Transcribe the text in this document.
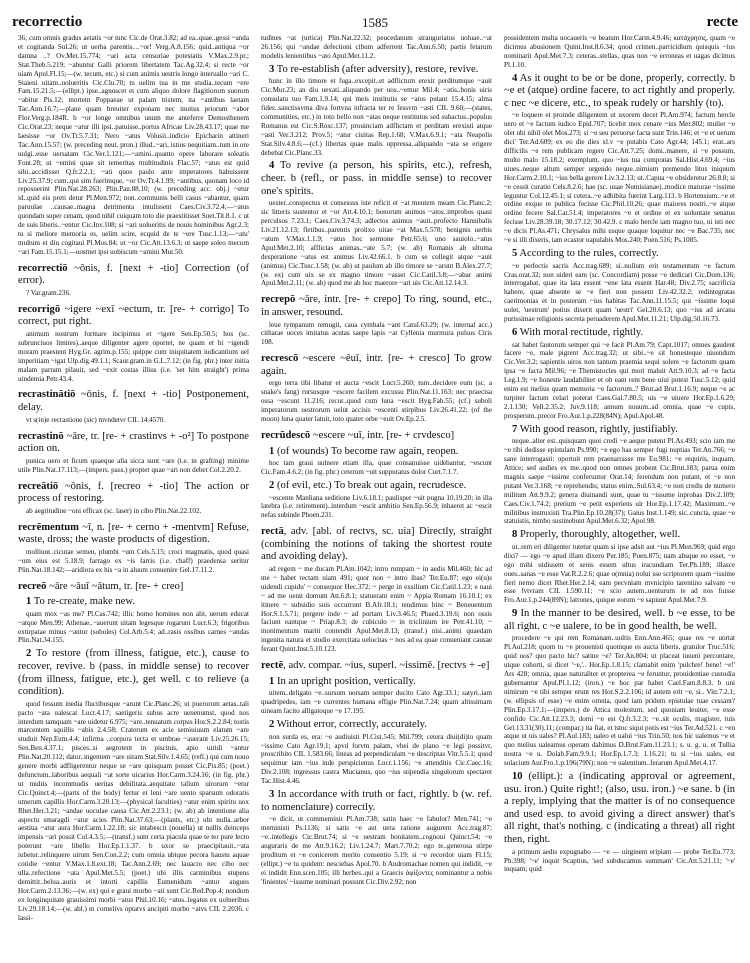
recorrectio	1585	recte

36; cum omnis gradus aetatis ~or tunc Cic.de Orat.3.82; ad ea..quae..gessi ~anda et cogitanda Sul.26; ut uerba parentis…~or! Verg.A.8.156; quid..antiqua ~or damna ..? Ov.Met.15.774; ~ari acta censoriae potestatis V.Max.2.9.pr.; Stat.Theb.5.219; ~abuntur Galli priorem libertatem Tac.Ag.32.4; si recte ~or uiam Apul.Fl.15;—(w. tecum, etc.) si cum animis uestris longo interuallo ~ari C. Staieni uitam..uolueritis Cic.Clu.70; tu uelim tua in me studia..tecum ~ere Fam.15.21.5;—(ellipt.) ipse..agnoscet et cum aliquo dolore flagitiorum suorum ~abitur Pis.12; mortem Poppaeae ut palam tristem, ita ~antibus laetam Tac.Ann.16.7;—plane quam breuiter exponam nec inuitus priorum ~abor Flor.Verg.p.184R. b ~or longe omnibus unum me anteferre Demosthenem Cic.Orat.23; neque ~atur illi ipsi..patuisse..portus Africae Liv.28.43.17; quae me laesisse ~or Ov.Tr.5.7.31; Nero ~atus Volusii..indicio Epicharin attineri Tac.Ann.15.57; (w. preceding neut. pron.) illud..~ari, istius nequitiam..tum in ore uulgi..esse uersatam Cic.Ver.1.121;—~amini..quanto opere laborare soleatis Font.28; ut ~emini quae sit temeritas multitudinis Flac.57; ~atus est quid sibi..accidisset Q.fr.2.2.1; ~ati quos paulo ante imperatores habuissent Liv.25.37.9; cum..qui sim fuerimque, ~or Ov.Tr.4.1.99; ~antibus, quonam loco id reposuerint Plin.Nat.28.263; Plin.Pan.88.10; (w. preceding acc. obj.) ~etur id..quid eis preti detur Pl.Men.972; non..communis belli casus ~abantur, quam paruulae ..causae..magna detrimenta intulissent Caes.Civ.3.72.4;—~atus quondam super cenam, quod nihil cuiquam toto die praestitisset Suet.Tit.8.1. c ut de suis liberis..~entur Cic.Inv.108; si ~ari uolueritis de nouis hominibus Agr.2.3; tu si meliore memoria es, uelim scire, ecquid de te ~ere Tusc.1.13;—~atu' multum et diu cogitaui Pl.Mos.84; ut ~or Cic.Att.13.6.3; ut saepe soleo mecum ~ari Fam.15.15.1;—uosmet ipsi uobiscum ~amini Mur.50.

recorrectiō ~ōnis, f. [next + -tio] Correction (of error).

? Var.gram.236.

recorrigō ~igere ~exī ~ectum, tr. [re- + corrigo] To correct, put right.

animum nostrum formare incipimus et ~igere Sen.Ep.50.5; hos (sc. subrunciuos limites)..aeque diligenter agere oportet, ne quam et hi ~igendi moram praestent Hyg.Gr. agrim.p.155; quippe cum iniquitatem iudicantium uel imperitiam ~igat Ulp.dig.49.1.1; Scaur.gram.in G.L.7.12; (in fig. phr.) inter initia malam parram pilauit, sed ~exit costas illius (i.e. 'set him straight') prima uindemia Petr.43.4.

recrastinātiō ~ōnis, f. [next + -tio] Postponement, delay.

vt s(in)e recrastione (sic) mvndetvr CIL 14.4570.

recrastinō ~āre, tr. [re- + crastinvs + -o²] To postpone action on.

punica uero et ficum quaeque alia sicca sunt ~are (i.e. in grafting) minime utile Plin.Nat.17.113;—(impers. pass.) propter quae ~ari non debet Col.2.20.2.

recreātiō ~ōnis, f. [recreo + -tio] The action or process of restoring.

ab aegritudine ~oni efficax (sc. laser) in cibo Plin.Nat.22.102.

recrēmentum ~ī, n. [re- + cerno + -mentvm] Refuse, waste, dross; the waste products of digestion.

molliunt..cicutae semen, plumbi ~um Cels.5.15; croci magmatis, quod quasi ~um eius est 5.18.9; farrago ex ~is farris (i.e. chaff) praedensa seritur Plin.Nat.18.142;—aridiora ex his ~a in aluum conuenire Gel.17.11.2.

recreō ~āre ~āuī ~ātum, tr. [re- + creo]

1 To re-create, make new.

quam mox ~as me? Pl.Cas.742; illic homo homines non alit, uerum educat ~atque Men.99; Athenae..~auerunt uitam legesque rogarunt Lucr.6.3; frigoribus extirpatae minus ~antur (soboles) Col.Arb.5.4; ad..rasis ossibus carnes ~andas Plin.Nat.34.155.

2 To restore (from illness, fatigue, etc.), cause to recover, revive. b (pass. in middle sense) to recover (from illness, fatigue, etc.), get well. c to relieve (a condition).

quod fessum inedia fluctibusque ~arunt Cic.Planc.26; ut puerorum aetas..tali pacto ~ata ualescat Lucr.4.17; saetigeris subus acre uenenumst, quod nos interdum tamquam ~are uidetur 6.975; ~are..tenuatum corpus Hor.S.2.2.84; tostis marcentem squillis ~abis 2.4.58; Craterum ex acie semiuiuum elatum ~are studuit Nep.Eum.4.4; infirma ..corpora tecta et umbrae ~auerant Liv.25.26.15; Sen.Ben.4.37.1; pisces..si aegrotent in piscinis, apio uiridi ~antur Plin.Nat.20.112; datur..ingentem ~are uiram Stat.Silv.1.4.65; (refl.) qui cum nouo genere morbi adfligerentur neque se ~are quisquam posset Cic.Pis.85; (poet.) defunctum..laboribus aequali ~at sorte uicarius Hor.Carm.3.24.16; (in fig. phr.) ut multis incommodis ueritas debilitata..aequitate talium uirorum ~etur Cic.Quinct.4;—(parts of the body) fertur et leni ~are uento sparsum odoratis umerum capillis Hor.Carm.3.20.13;—(physical faculties) ~atur enim spiritu uox Rhet.Her.3.21; ~andae uoculae causa Cic.Att.2.23.1; (w. ab) ab intentione alia aspectu smaragdi ~atur acies Plin.Nat.37.63;—(plants, etc.) ubi nulla..arbor aestiua ~atur aura Hor.Carm.1.22.18; sic intabescit (nouella) ut nullis deinceps impensis ~ari possit Col.4.3.5;—(transf.) sunt certa piacula quae te ter pure lecto poterunt ~are libello Hor.Ep.1.1.37. b uxor se praecipitauit..~ata iubetur..relinquere uirum Sen.Con.2.2; cum omnia ubique pecora haustu aquae cotidie ~entur V.Max.1.8.ext.18; Tac.Ann.2.69; nec lauacro nec cibo nec ulla..refectione ~ata Apul.Met.5.5; (poet.) ubi illis carminibus stupens demittit..belua..auris et intorti capillis Eumenidum ~antur angues Hor.Carm.2.13.36;—(w. ex) qui e graui morbo ~ati sunt Cic.Red.Pop.4; nondum ex longinquitate grauissimi morbi ~atus Phil.10.16; ~atus..legatus ex uolneribus Liv.29.18.14;—(w. abl.) m cornelivs optatvs ancipiti morbo ~atvs CIL 2.2036. c lassi-

tudines ~at (urtica) Plin.Nat.22.32; peucedanum stranguriatus uoluae..~at 26.156; qui ~andae defectioni cibum adferrent Tac.Ann.6.50; partis fetarum modelis lenientibus ~ato Apul.Met.11.2.

3 To re-establish (after adversity), restore, revive.

hunc in illo timore et fuga..excepit..et adflictum erexit perditumque ~auit Cic.Mur.23; an diu uexati..aliquando per uos..~emur Mil.4; ~atis..bonis uiris consulatu tuo Fam.1.9.14; qui meis institutis se ~atos putant 15.4.15; alma fides..sanctissvma diva fortvna infracta ter re fessvm ~asti CIL 9.60;—(states, communities, etc.) in toto bello non ~atas neque restitutus sed subactus..populus Romanus est Cic.S.Rosc.137; prouinciam adflictam et perditam erexisti atque ~asti Ver.3.212; Prov.5; ~atur ciuitas Rep.1.68; V.Max.6.9.1; ~ata Neapolis Stat.Silv.4.8.6;—(cf.) libertas quae malis oppressa..aliquando ~ata se erigere debebat Cic.Planc.33.

4 To revive (a person, his spirits, etc.), refresh, cheer. b (refl., or pass. in middle sense) to recover one's spirits.

uester..conspectus et consessus iste reficit et ~at mentem meam Cic.Planc.2; sic litteris sustentor et ~or Att.4.10.1; bonorum animos ~atos..improbos quasi perculsos 7.23.1; Caes.Civ.3.74.3; adlectos animos ~auit..profecto Hannibalis Liv.21.12.13; fletibus..parentis prolixo uitae ~at Max.5.578; benignis uerbis ~atum V.Max.1.1.9; ~atus hoc sermone Petr.65.6; uno sauiolo..~atus Apul.Met.2.10; afflictas animas..~ate 5.7; (w. ab) Romanis ab ultuma desperatione ~atus est animus Liv.42.66.1. b cum se collegit atque ~auit (animus) Cic.Tusc.1.58; (w. ab) ut paulum ab illo timore se ~arunt B.Alex.27.7; (w. ex) cum uix se ex magno timore ~asset Cic.Catil.3.8;—~abar animi Apul.Met.2.11; (w. ab) quod me ab hoc maerore ~ari uis Cic.Att.12.14.3.

recrepō ~āre, intr. [re- + crepo] To ring, sound, etc., in answer, resound.

leue tympanum remugit, caua cymbala ~ant Catul.63.29; (w. internal acc.) citharae uoces imitatus acutas saepe lapis ~at Cyllenia murmura pulsus Ciris 108.

recrescō ~escere ~ēuī, intr. [re- + cresco] To grow again.

ergo terra tibi libatur et aucta ~escit Lucr.5.260; tum..decidere eum (sc. a snake's fang) rursusque ~escere facilem excussu Plin.Nat.11.163; nec praecisa ossa ~escunt 11.216; recur..quod cum luna ~escit Hyg.Fab.55; (cf.) suboli imperatorum uestrorum uelut accisis ~escenti stirpibus Liv.26.41.22; (of the moon) luna quater latuit, toto quater orbe ~euit Ov.Ep.2.5.

recrūdescō ~escere ~uī, intr. [re- + crvdesco]

1 (of wounds) To become raw again, reopen.

hoc tam graui uulnere etiam illa, quae consanuisse uidebantur, ~escunt Cic.Fam.4.6.2; (in fig. phr.) ceterum ~uit suppuratus dolor Curt.7.1.7.

2 (of evil, etc.) To break out again, recrudesce.

~escente Manliana seditione Liv.6.18.1; paulisper ~uit pugna 10.19.20; in illa latebra (i.e. retirement)..interdum ~escit ambitio Sen.Ep.56.9; inhaeret ac ~escit nefas subinde Phoen.231.

rectā, adv. [abl. of rectvs, sc. uia] Directly, straight (combining the notions of taking the shortest route and avoiding delay).

ad regem ~ me ducam Pl.Am.1042; intro rumpam ~ in aedis Mil.460; hic ad me ~ habet rectam uiam 491; quor non ~ intro ibas? Ter.Eu.87; ego ei(u)s uidendi cupidu' ~ consequor Hec.372; ~ perge in exsilium Cic.Catil.1.23; e naui ~ ad me uenit domum Att.6.8.1; statueram enim ~ Appia Romam 16.10.1; ex itinere ~ subsidio suis occurrunt B.Afr.18.1; tendimus hinc ~ Beneuentum Hor.S.1.5.71; pergere inde ~ ad portam Liv.3.46.5; Phaed.3.19.6; non ossis faciunt eantque ~ Priap.8.3; de cubiculo ~ in triclinium ire Petr.41.10; ~ monimentum mariti contendit Apul.Met.8.13; (transf.) nisi..animi quaedam ingenita natura et studio exercitata uelocitas ~ nos ad ea quae conueniant causae ferant Quint.Inst.5.10.123.

rectē, adv. compar. ~ius, superl. ~issimē. [rectvs + -e]

1 In an upright position, vertically.

uitem..deligato ~e..sursum uorsam semper ducito Cato Agr.33.1; satyri..iam quadripedes, iam ~e currentes humana effigie Plin.Nat.7.24; quam altissimam uineam facito alligatoque ~e 17.195.

2 Without error, correctly, accurately.

non surda es, era: ~e audiuisti Pl.Cist.545; Mil.799; cetera diui(di)to quam ~issime Cato Agr.19.1; apvd forvm palam, vbei de plano ~e legi possitvr, proscribito CIL 1.583.66; lineas ad perpendiculam ~e descriptas Vitr.5.5.1; quod sequimur iam ~ius inde perspicienus Lucr.1.156; ~e attenditis Cic.Caec.16; Div.2.108; ingressus castra Mucianus, quo ~ius stipendia singulorum spectaret Tac.Hist.4.46.

3 In accordance with truth or fact, rightly. b (w. ref. to nomenclature) correctly.

~e dicit, ut commeminit Pl.Am.738; satin haec ~e fabulor? Men.741; ~e meministi Ps.1136; si satis ~e aut uera ratione augurem Acc.trag.87; ~e..intellegis Cic.Brut.74; si ~e uestram bonitatem..cognoui Quinct.54; ~e auguraris de me Att.9.16.2; Liv.1.24.7; Mart.7.70.2; ego te..generosa stirpe proditum et ~e conicerem merito consentio 5.19; si ~e recordor uiam Fl.15; (ellipt.) ~e tu quidem: nesciebas Apol.70. b Andromachae nomen qui indidit, ~e ei indidit Enn.scen.105; illi herbes..qui a Graecis ἀφίζοντες nominantur a nobis 'finientes' ~issume nominari possunt Cic.Div.2.92; non

possidentem multa uocaueris ~e beatum Hor.Carm.4.9.46; κατάχρησις, quam ~e dicimus abusionem Quint.Inst.8.6.34; quod crimen..parricidium quisquis ~ius nominarit Apul.Met.7.3; ceteras..stellas, quas non ~e erroneas et uagas dicimus Pl.1.10.

4 As it ought to be or be done, properly, correctly. b ~e et (atque) ordine facere, to act rightly and properly. c nec ~e dicere, etc., to speak rudely or harshly (to).

~e loquere et proinde diligentem ut uxorem decet Pl.Am.974; factum hercle uero et ~e factum iudico Epid.707; licebit mox cenare ~ius Mer.802; mulier ~e olet ubi nihil olet Mos.273; si ~e seu peruorse facta sunt Trin.146; et ~e et uerum dici' Ter.Ad.609; ex eo die dies xl.v ~e putabis Cato Agr.44; 145.1; erat..ars difficilis ~e rem publicam regere Cic.Att.7.25; domi..manere, si ~e possum, multo malo 15.18.2; exemplum, quo ~ius tua componas Sal.Hist.4.69.4; ~ius uiues..neque altum semper urgendo neque..nimium premendo litus iniquum Hor.Carm.2.10.1; ~ius bella gerere Liv.3.2.13; ut..Capua ~e obsideretur 26.8.8; si ~e cessit curatio Cels.8.2.6; hae (sc. uuae Numisianae)..modice maturae ~issime leguntur Col.12.45.1; si cetera..~e adhibita fuerint Larg.113. b Hortensium..~e et ordine exque re publica fecisse Cic.Phil.10.26; quae maiores nostri..~e atque ordine fecere Sal.Cat.51.4; imperatores ~e et ordine et ex uoluntate senatus fecisse Liv.28.39.18; 30.17.12; 30.42.9. c malo hercle iam magno tuo, ni isti nec ~e dicis Pl.As.471; Chrysalus mihi usque quaque loquitur nec ~e Bac.735; nec ~e si illi dixeris, iam ecastor uapulabis Mos.240; Poen.516; Ps.1085.

5 According to the rules, correctly.

~e perfectis sacris Acc.trag.689; si..nullum erit testamentum ~e factum Cras.orat.32; non uideri eam (sc. Concordiam) posse ~e dedicari Cic.Dom.136; interrogabat, quae ita lata essent ~ene lata essent Har.48; Div.2.75; sacrificia habere, quae absente se ~e fieri non possent Liv.42.32.2; redintegratas caerimonias et in posterum ~ius habitas Tac.Ann.11.15.5; qui ~issime loqui uolet, 'uestrum' potius dixerit quam 'uestri' Gel.20.6.13; quo ~ius ad arcana purissimae religionis secreta peruaderem Apul.Met.11.21; Ulp.dig.50.16.73.

6 With moral rectitude, rightly.

sat habet fautorum semper qui ~e facit Pl.Am.79; Capt.1017; omnes gaudent facere ~e, male pigrent Acc.trag.32; ut sibi..~e sit honesteque uiuendum Cic.Ver.3.2; sapientis uiros non tantum praemia sequi solere ~e factorum quam ipsa ~e facta Mil.96; ~e Themistocles qui mori maluit Att.9.10.3; ad ~e facta Leg.1.9; ~e honeste laudabiliter et ob eam rem bene uiui potest Tusc.5.12; quid enim est melius quam memoria ~e factorum..? Brut.ad Brut.1.16.9; neque ~e ac turpiter factum celari poterat Caes.Gal.7.80.5; uis ~e uiuere Hor.Ep.1.6.29; 2.1.130; Vell.2.35.2; Juv.9.118; annum nouum..ad omnia, quae ~e cupis, prosperum..precor Fro.Aur.1.p.228(84N); Apul.Apol.48.

7 With good reason, rightly, justifiably.

neque..alter est..quisquam quoi credi ~e aeque putent Pl.As.493; scio iam me ~e tibi dedisse epistulam Ps.990; ~e ego has semper fugi nuptias Ter.An.766; ~e sane interrogasti: oportuit rem praenarrasse me Eu.981; ~e requiris, inquam, Attice; sed audies ex me..quod non omnes probent Cic.Brut.183; parua enim magnis saepe ~issime conferuntur Orat.14; ferendum non putant, et ~e non putant Ver.3.168; ~e reprehendis; status enim..Sul.63.4; ~e non credis de numero militum Att.9.9.2; genera diuinandi sunt, quae tu ~issume inprobas Div.2.109; Caes.Civ.1.74.2; pretium ~e petit experiens uir Hor.Ep.1.17.42; Maximum..~e militibus instruxisti Tra.Plin.Ep.10.28(37); Gaius Inst.1.149; sic..cuncta, quae ~e statuistis, nimbo sustinebunt Apul.Met.6.32; Apol.98.

8 Properly, thoroughly, altogether, well.

ut..rem eri diligenter tutetur quam si ipse adsit aut ~ius Pl.Men.969; quid ergo dixi? — ego ~e apud illam dixero Per.185; Poen.875; nam absque eo esset, ~e ego mihi uidissem et senis essem ultus iracundiam Ter.Ph.189; illasce oues..sanas ~e esse Var.R.2.2.6; quae o(mnia) nolui sse scriptorem quam ~issime fieri nemo dicet Rhet.Her.2.14; eam pecvniam mvnicipio tarentino salvam ~e esse fvtvram CIL 1.590.11; ~e scio autem..uenturum te ad nos fuisse Fro.Aur.1.p.244(89N); latrones, quique eorum ~e sapiunt Apul.Met.7.9.

9 In the manner to be desired, well. b ~e esse, to be all right. c ~e ualere, to be in good health, be well.

procedere ~e qui rem Romanam..uultis Enn.Ann.465; quae res ~e uortat Pl.Aul.218; quom tu ~e prouenisti quomque es aucta liberis, gratulor Truc.516; quid uos? quo pacto hic? satine ~e? Ter.An.804; ut placeat iuueni percontare, utque cohorti, si dicet '~e,'.. Hor.Ep.1.8.15; clamabit enim 'pulchre! bene! ~e!' Ars 428; omnia, quae naturaliter et propterea ~e feruntur, prouidentiae custodia gubernantur Apul.Pl.1.12; (iron.) ~e hoc par habet Cael.Fam.8.8.3. b uni nimirum ~e tibi semper erunt res Hor.S.2.2.106; id autem erit ~e, si.. Vitr.7.2.1; (w. ellipsis of esse) ~e enim omnia, quod iam pridem epistulae tuae cessant? Plin.Ep.3.17.1;—(impers.) de Attica molestum, sed quoniam leuiter, ~e esse confido Cic.Att.12.23.3; domi ~e est Q.fr.3.2.3; ~e..sit oculis, magister, tuis Gel.13.31(30).11; (compar.) ita fiat, et istoc siqui potis est ~ius Ter.Ad.521. c ~en atque ut uis uales? Pl.Aul.183; ualeo et ualui ~ius Trin.50; nos hic ualemus ~e et quo melius ualeamus operam dabimus D.Brut.Fam.11.23.1; s. u. g. u. et Tullia nostra ~e u. Dolab.Fam.9.9.1; Hor.Ep.1.7.3; 1.16.21; tu si ~ius uales, est solacium Aur.Fro.1.p.196(79N); non ~e ualentium..ferarum Apul.Met.4.17.

10 (ellipt.): a (indicating approval or agreement, usu. iron.) Quite right!; (also, usu. iron.) ~e sane. b (in a reply, implying that the matter is of no consequence and used esp. to avoid giving a direct answer) that's all right, that's nothing. c (indicating a threat) all right then, right.

a primum aedis expugnabo — ~e — uirginem eripiam — probe Ter.Eu.773; Ph.398; '~e' inquit Scaptius, 'sed subducamus summam' Cic.Att.5.21.11; '~e' inquam; quid
